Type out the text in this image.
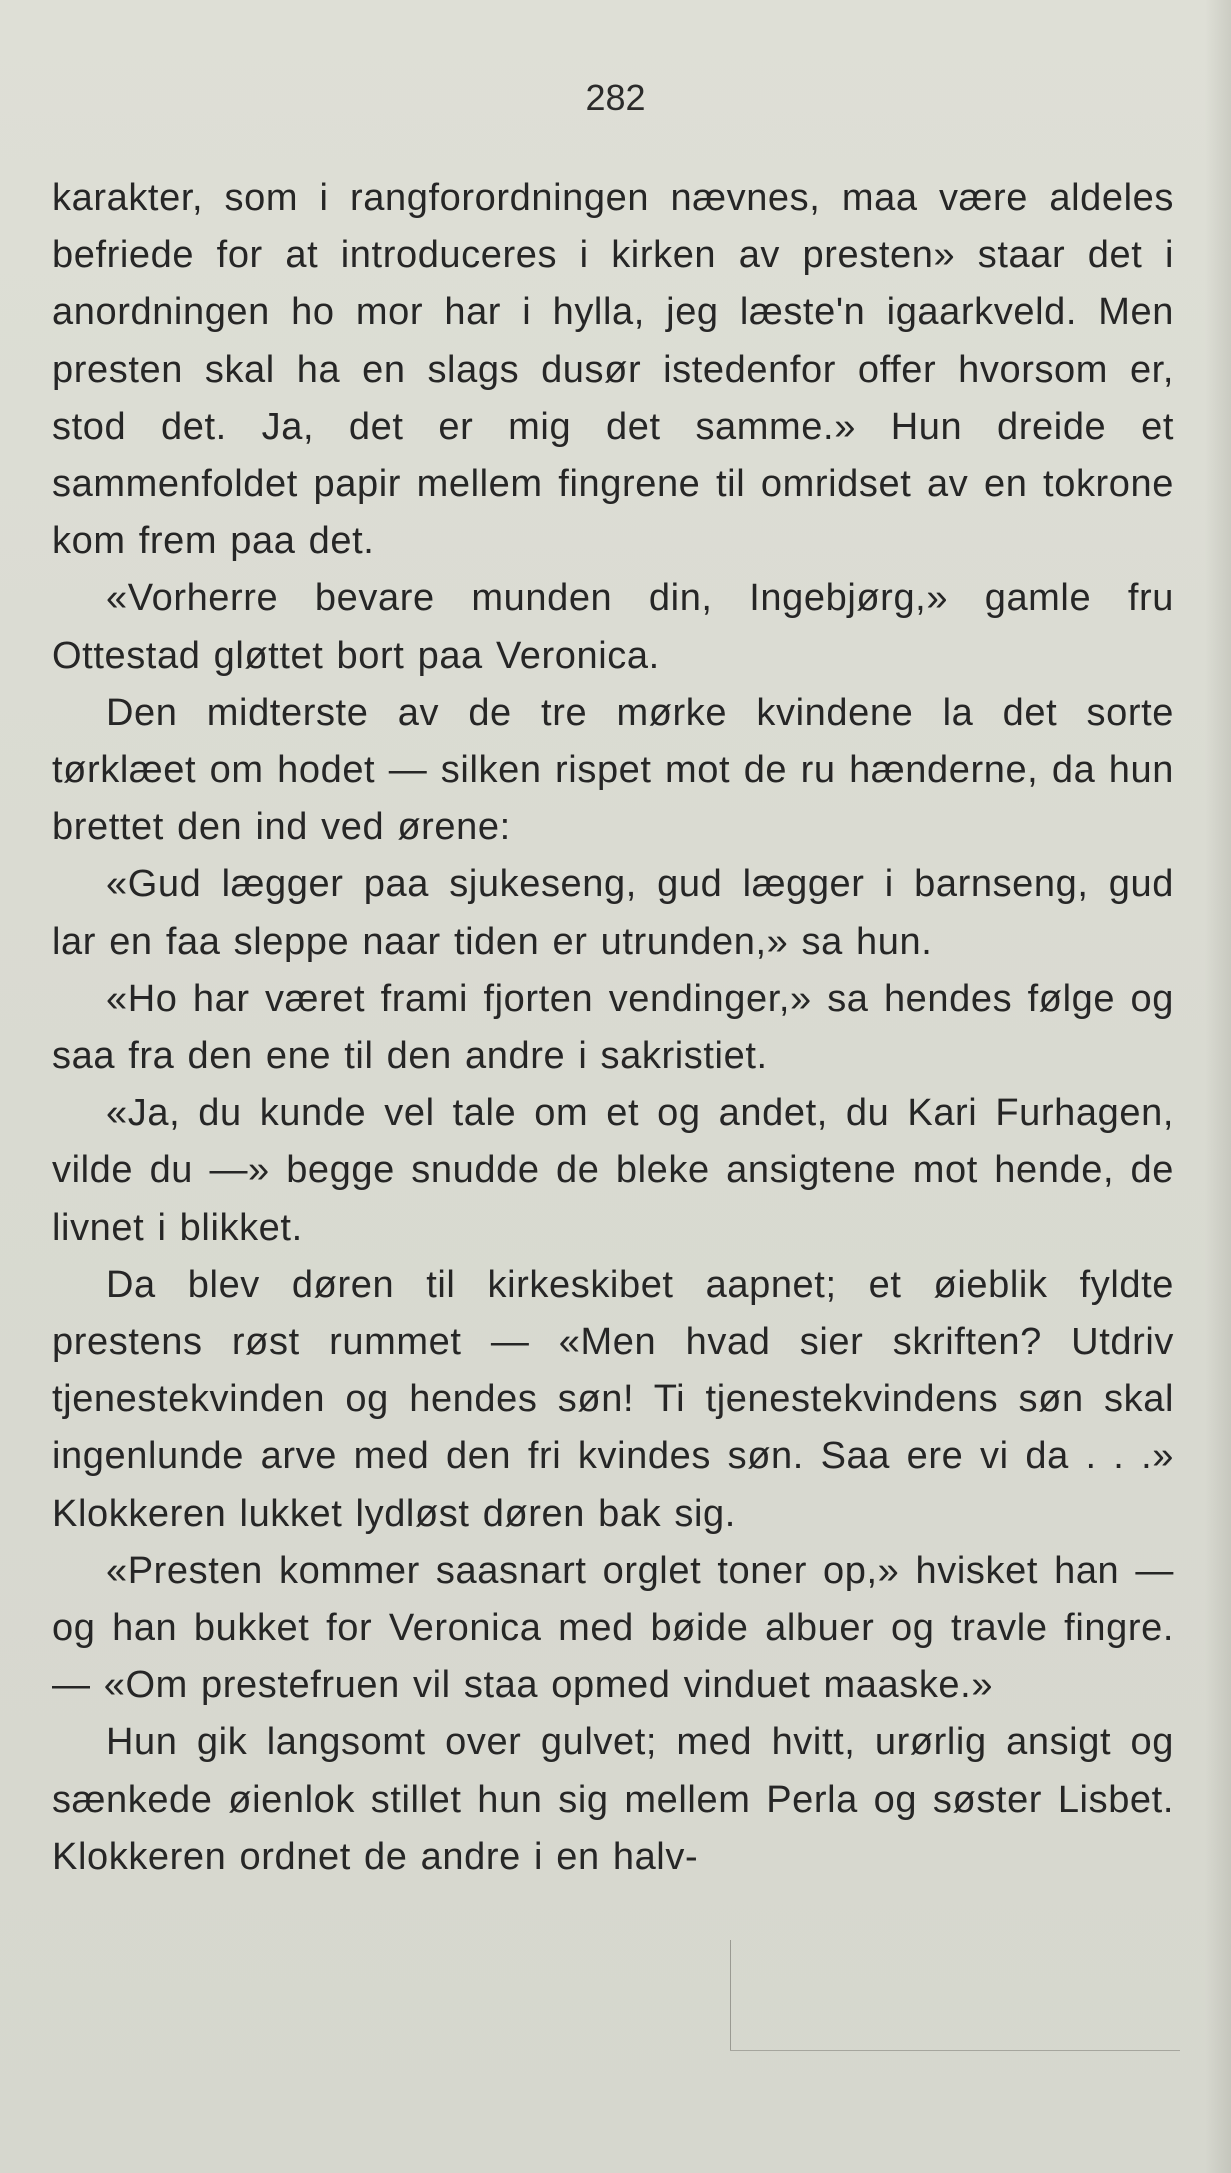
282

karakter, som i rangforordningen nævnes, maa være aldeles befriede for at introduceres i kirken av presten» staar det i anordningen ho mor har i hylla, jeg læste'n igaarkveld. Men presten skal ha en slags dusør istedenfor offer hvorsom er, stod det. Ja, det er mig det samme.» Hun dreide et sammenfoldet papir mellem fingrene til omridset av en tokrone kom frem paa det.

«Vorherre bevare munden din, Ingebjørg,» gamle fru Ottestad gløttet bort paa Veronica.

Den midterste av de tre mørke kvindene la det sorte tørklæet om hodet — silken rispet mot de ru hænderne, da hun brettet den ind ved ørene:

«Gud lægger paa sjukeseng, gud lægger i barnseng, gud lar en faa sleppe naar tiden er utrunden,» sa hun.

«Ho har været frami fjorten vendinger,» sa hendes følge og saa fra den ene til den andre i sakristiet.

«Ja, du kunde vel tale om et og andet, du Kari Furhagen, vilde du —» begge snudde de bleke ansigtene mot hende, de livnet i blikket.

Da blev døren til kirkeskibet aapnet; et øieblik fyldte prestens røst rummet — «Men hvad sier skriften? Utdriv tjenestekvinden og hendes søn! Ti tjenestekvindens søn skal ingenlunde arve med den fri kvindes søn. Saa ere vi da . . .» Klokkeren lukket lydløst døren bak sig.

«Presten kommer saasnart orglet toner op,» hvisket han — og han bukket for Veronica med bøide albuer og travle fingre. — «Om prestefruen vil staa opmed vinduet maaske.»

Hun gik langsomt over gulvet; med hvitt, urørlig ansigt og sænkede øienlok stillet hun sig mellem Perla og søster Lisbet. Klokkeren ordnet de andre i en halv-
